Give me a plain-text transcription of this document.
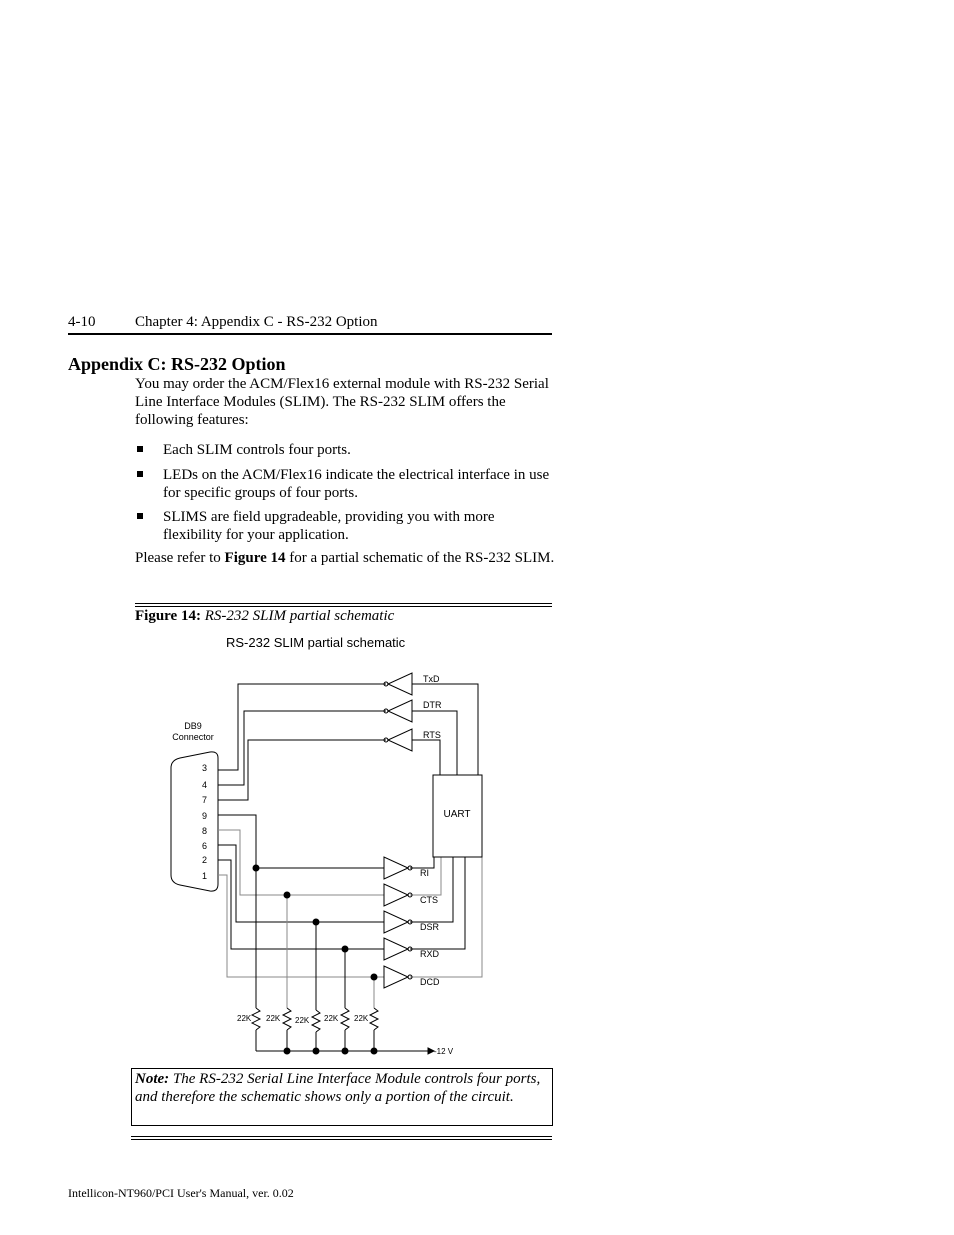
4-10	Chapter 4: Appendix C - RS-232 Option
Appendix C: RS-232 Option
You may order the ACM/Flex16 external module with RS-232 Serial Line Interface Modules (SLIM). The RS-232 SLIM offers the following features:
Each SLIM controls four ports.
LEDs on the ACM/Flex16 indicate the electrical interface in use for specific groups of four ports.
SLIMS are field upgradeable, providing you with more flexibility for your application.
Please refer to Figure 14 for a partial schematic of the RS-232 SLIM.
Figure 14: RS-232 SLIM partial schematic
RS-232 SLIM partial schematic
DB9
Connector
3
4
7
9
8
6
2
1
TxD
DTR
RTS
RI
CTS
DSR
RXD
DCD
UART
22K 22K 22K 22K 22K
-12 V
Note: The RS-232 Serial Line Interface Module controls four ports, and therefore the schematic shows only a portion of the circuit.
Intellicon-NT960/PCI User's Manual, ver. 0.02
